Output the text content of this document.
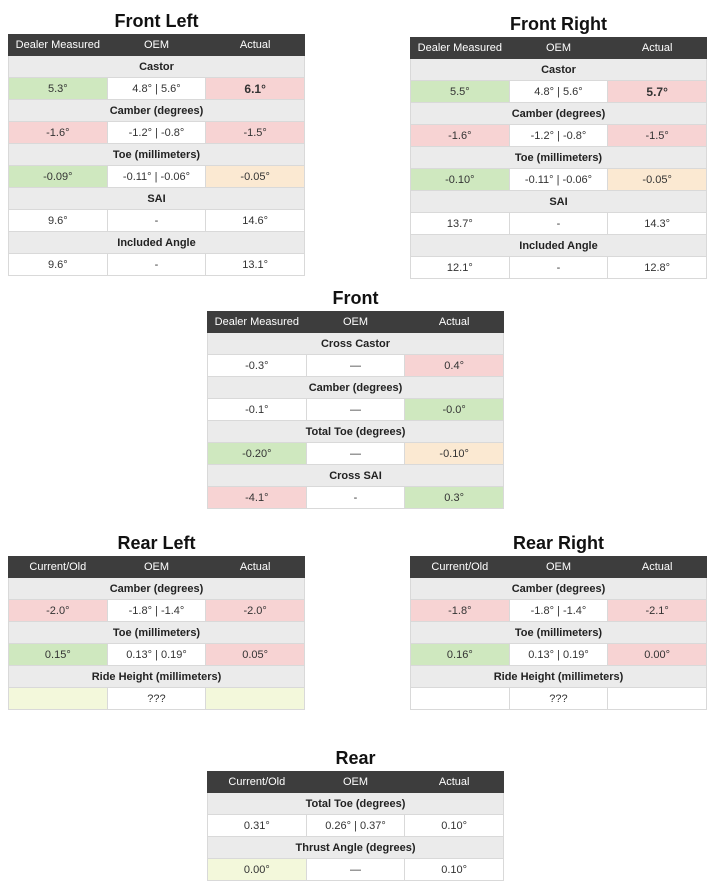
Front Left
Dealer Measured	OEM	Actual
Castor		
5.3°	4.8° | 5.6°	6.1°
Camber (degrees)		
-1.6°	-1.2° | -0.8°	-1.5°
Toe (millimeters)		
-0.09°	-0.11° | -0.06°	-0.05°
SAI		
9.6°	-	14.6°
Included Angle		
9.6°	-	13.1°
Front Right
Dealer Measured	OEM	Actual
Castor		
5.5°	4.8° | 5.6°	5.7°
Camber (degrees)		
-1.6°	-1.2° | -0.8°	-1.5°
Toe (millimeters)		
-0.10°	-0.11° | -0.06°	-0.05°
SAI		
13.7°	-	14.3°
Included Angle		
12.1°	-	12.8°
Front
Dealer Measured	OEM	Actual
Cross Castor		
-0.3°	—	0.4°
Camber (degrees)		
-0.1°	—	-0.0°
Total Toe (degrees)		
-0.20°	—	-0.10°
Cross SAI		
-4.1°	-	0.3°
Rear Left
Current/Old	OEM	Actual
Camber (degrees)		
-2.0°	-1.8° | -1.4°	-2.0°
Toe (millimeters)		
0.15°	0.13° | 0.19°	0.05°
Ride Height (millimeters)		
	???	
Rear Right
Current/Old	OEM	Actual
Camber (degrees)		
-1.8°	-1.8° | -1.4°	-2.1°
Toe (millimeters)		
0.16°	0.13° | 0.19°	0.00°
Ride Height (millimeters)		
	???	
Rear
Current/Old	OEM	Actual
Total Toe (degrees)		
0.31°	0.26° | 0.37°	0.10°
Thrust Angle (degrees)		
0.00°	—	0.10°
